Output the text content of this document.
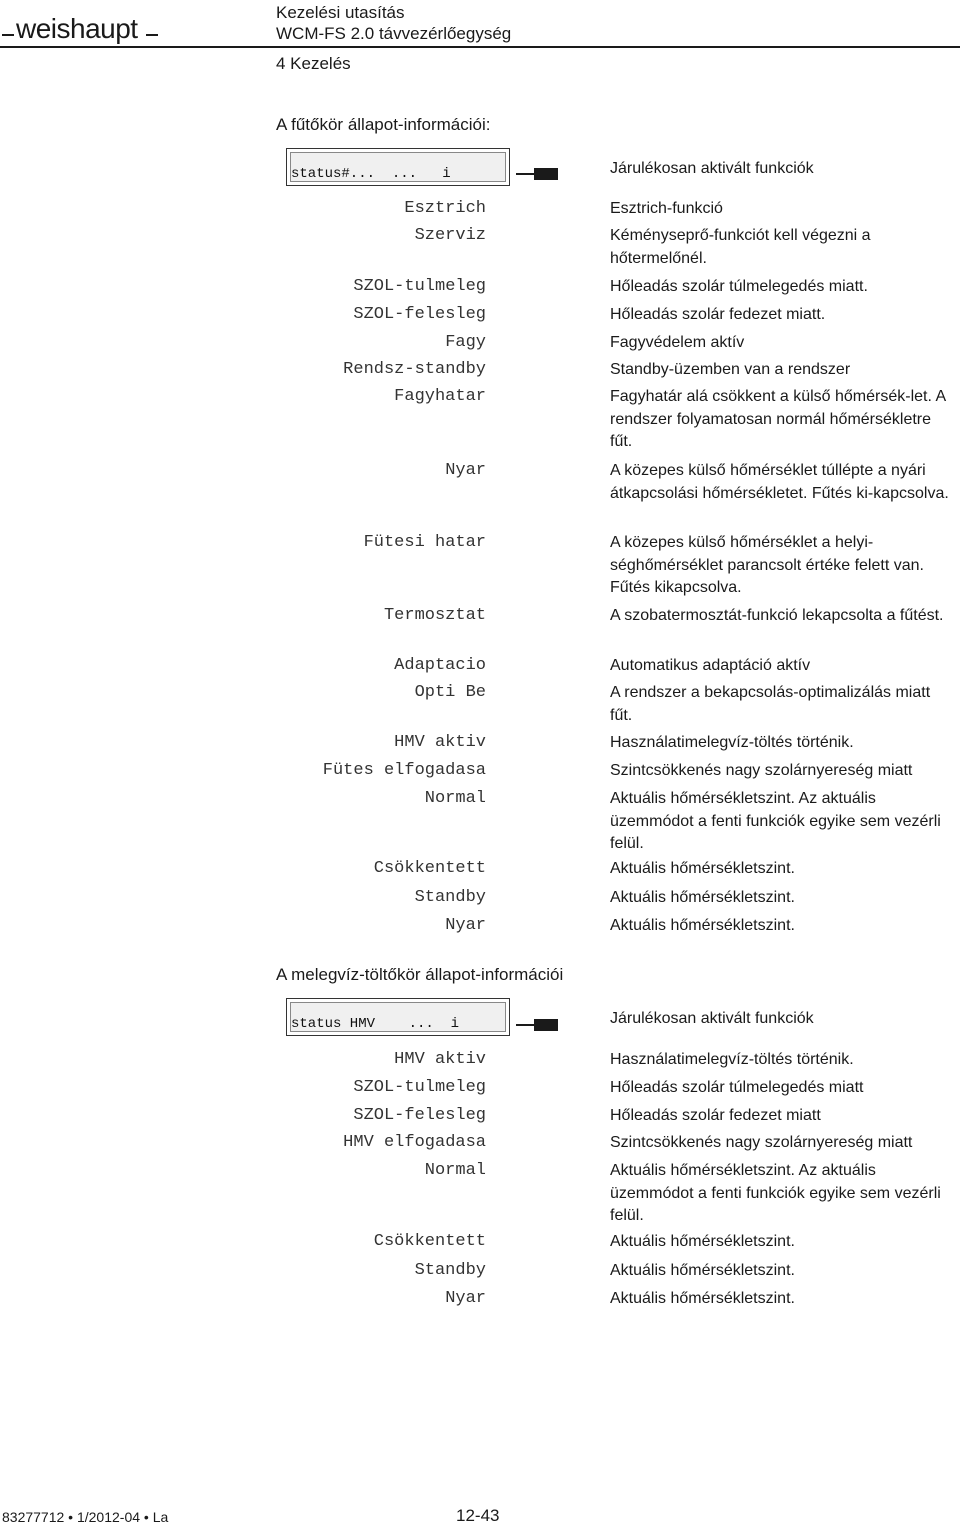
weishaupt
Kezelési utasítás
WCM-FS 2.0 távvezérlőegység
4 Kezelés
A fűtőkör állapot-információi:
status#...  ...   i	Járulékosan aktivált funkciók
Esztrich	Esztrich-funkció
Szerviz	Kéményseprő-funkciót kell végezni a hőtermelőnél.
SZOL-tulmeleg	Hőleadás szolár túlmelegedés miatt.
SZOL-felesleg	Hőleadás szolár fedezet miatt.
Fagy	Fagyvédelem aktív
Rendsz-standby	Standby-üzemben van a rendszer
Fagyhatar	Fagyhatár alá csökkent a külső hőmérsék-let. A rendszer folyamatosan normál hőmérsékletre fűt.
Nyar	A közepes külső hőmérséklet túllépte a nyári átkapcsolási hőmérsékletet. Fűtés ki-kapcsolva.
Fütesi hatar	A közepes külső hőmérséklet a helyi-séghőmérséklet parancsolt értéke felett van. Fűtés kikapcsolva.
Termosztat	A szobatermosztát-funkció lekapcsolta a fűtést.
Adaptacio	Automatikus adaptáció aktív
Opti Be	A rendszer a bekapcsolás-optimalizálás miatt fűt.
HMV aktiv	Használatimelegvíz-töltés történik.
Fütes elfogadasa	Szintcsökkenés nagy szolárnyereség miatt
Normal	Aktuális hőmérsékletszint. Az aktuális üzemmódot a fenti funkciók egyike sem vezérli felül.
Csökkentett	Aktuális hőmérsékletszint.
Standby	Aktuális hőmérsékletszint.
Nyar	Aktuális hőmérsékletszint.
A melegvíz-töltőkör állapot-információi
status HMV    ...  i	Járulékosan aktivált funkciók
HMV aktiv	Használatimelegvíz-töltés történik.
SZOL-tulmeleg	Hőleadás szolár túlmelegedés miatt
SZOL-felesleg	Hőleadás szolár fedezet miatt
HMV elfogadasa	Szintcsökkenés nagy szolárnyereség miatt
Normal	Aktuális hőmérsékletszint. Az aktuális üzemmódot a fenti funkciók egyike sem vezérli felül.
Csökkentett	Aktuális hőmérsékletszint.
Standby	Aktuális hőmérsékletszint.
Nyar	Aktuális hőmérsékletszint.
83277712 • 1/2012-04 • La	12-43
